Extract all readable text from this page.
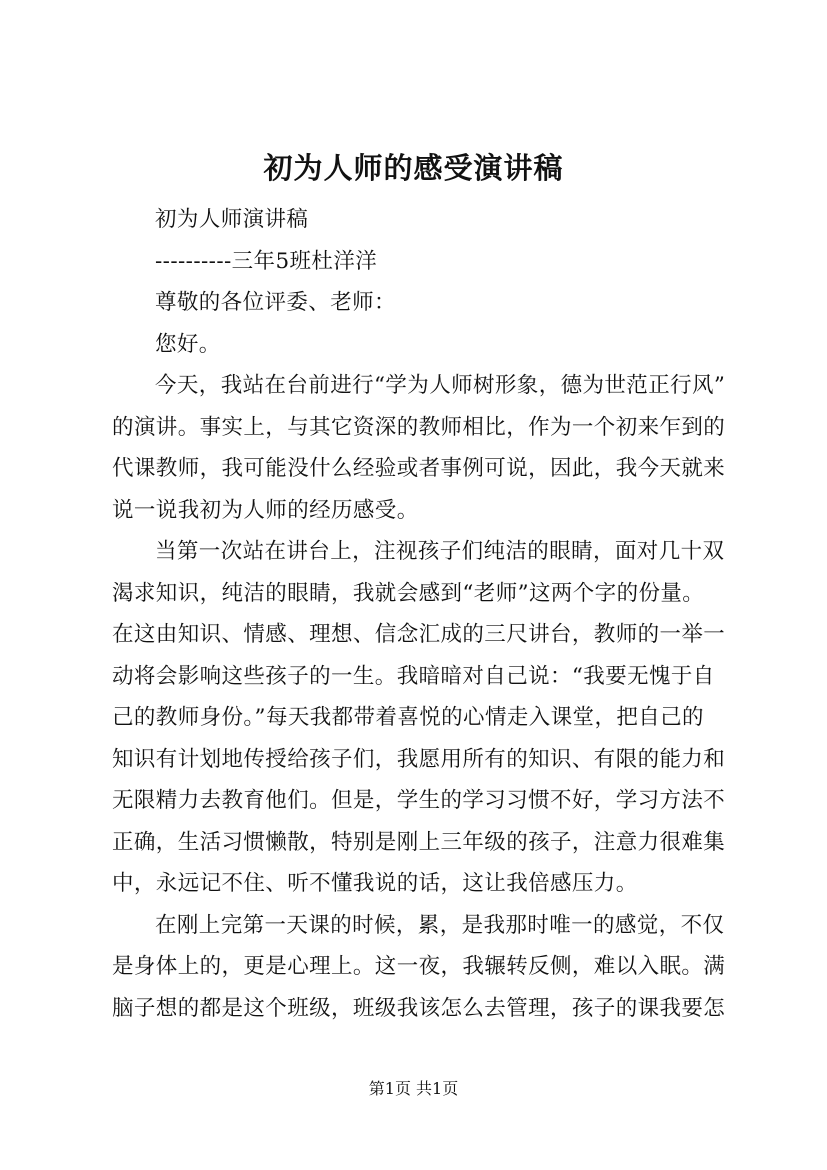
初为人师的感受演讲稿
初为人师演讲稿
----------三年5班杜洋洋
尊敬的各位评委、老师：
您好。
今天，我站在台前进行“学为人师树形象，德为世范正行风”
的演讲。事实上，与其它资深的教师相比，作为一个初来乍到的
代课教师，我可能没什么经验或者事例可说，因此，我今天就来
说一说我初为人师的经历感受。
当第一次站在讲台上，注视孩子们纯洁的眼睛，面对几十双
渴求知识，纯洁的眼睛，我就会感到“老师”这两个字的份量。
在这由知识、情感、理想、信念汇成的三尺讲台，教师的一举一
动将会影响这些孩子的一生。我暗暗对自己说：“我要无愧于自
己的教师身份。”每天我都带着喜悦的心情走入课堂，把自己的
知识有计划地传授给孩子们，我愿用所有的知识、有限的能力和
无限精力去教育他们。但是，学生的学习习惯不好，学习方法不
正确，生活习惯懒散，特别是刚上三年级的孩子，注意力很难集
中，永远记不住、听不懂我说的话，这让我倍感压力。
在刚上完第一天课的时候，累，是我那时唯一的感觉，不仅
是身体上的，更是心理上。这一夜，我辗转反侧，难以入眠。满
脑子想的都是这个班级，班级我该怎么去管理，孩子的课我要怎
第1页 共1页
